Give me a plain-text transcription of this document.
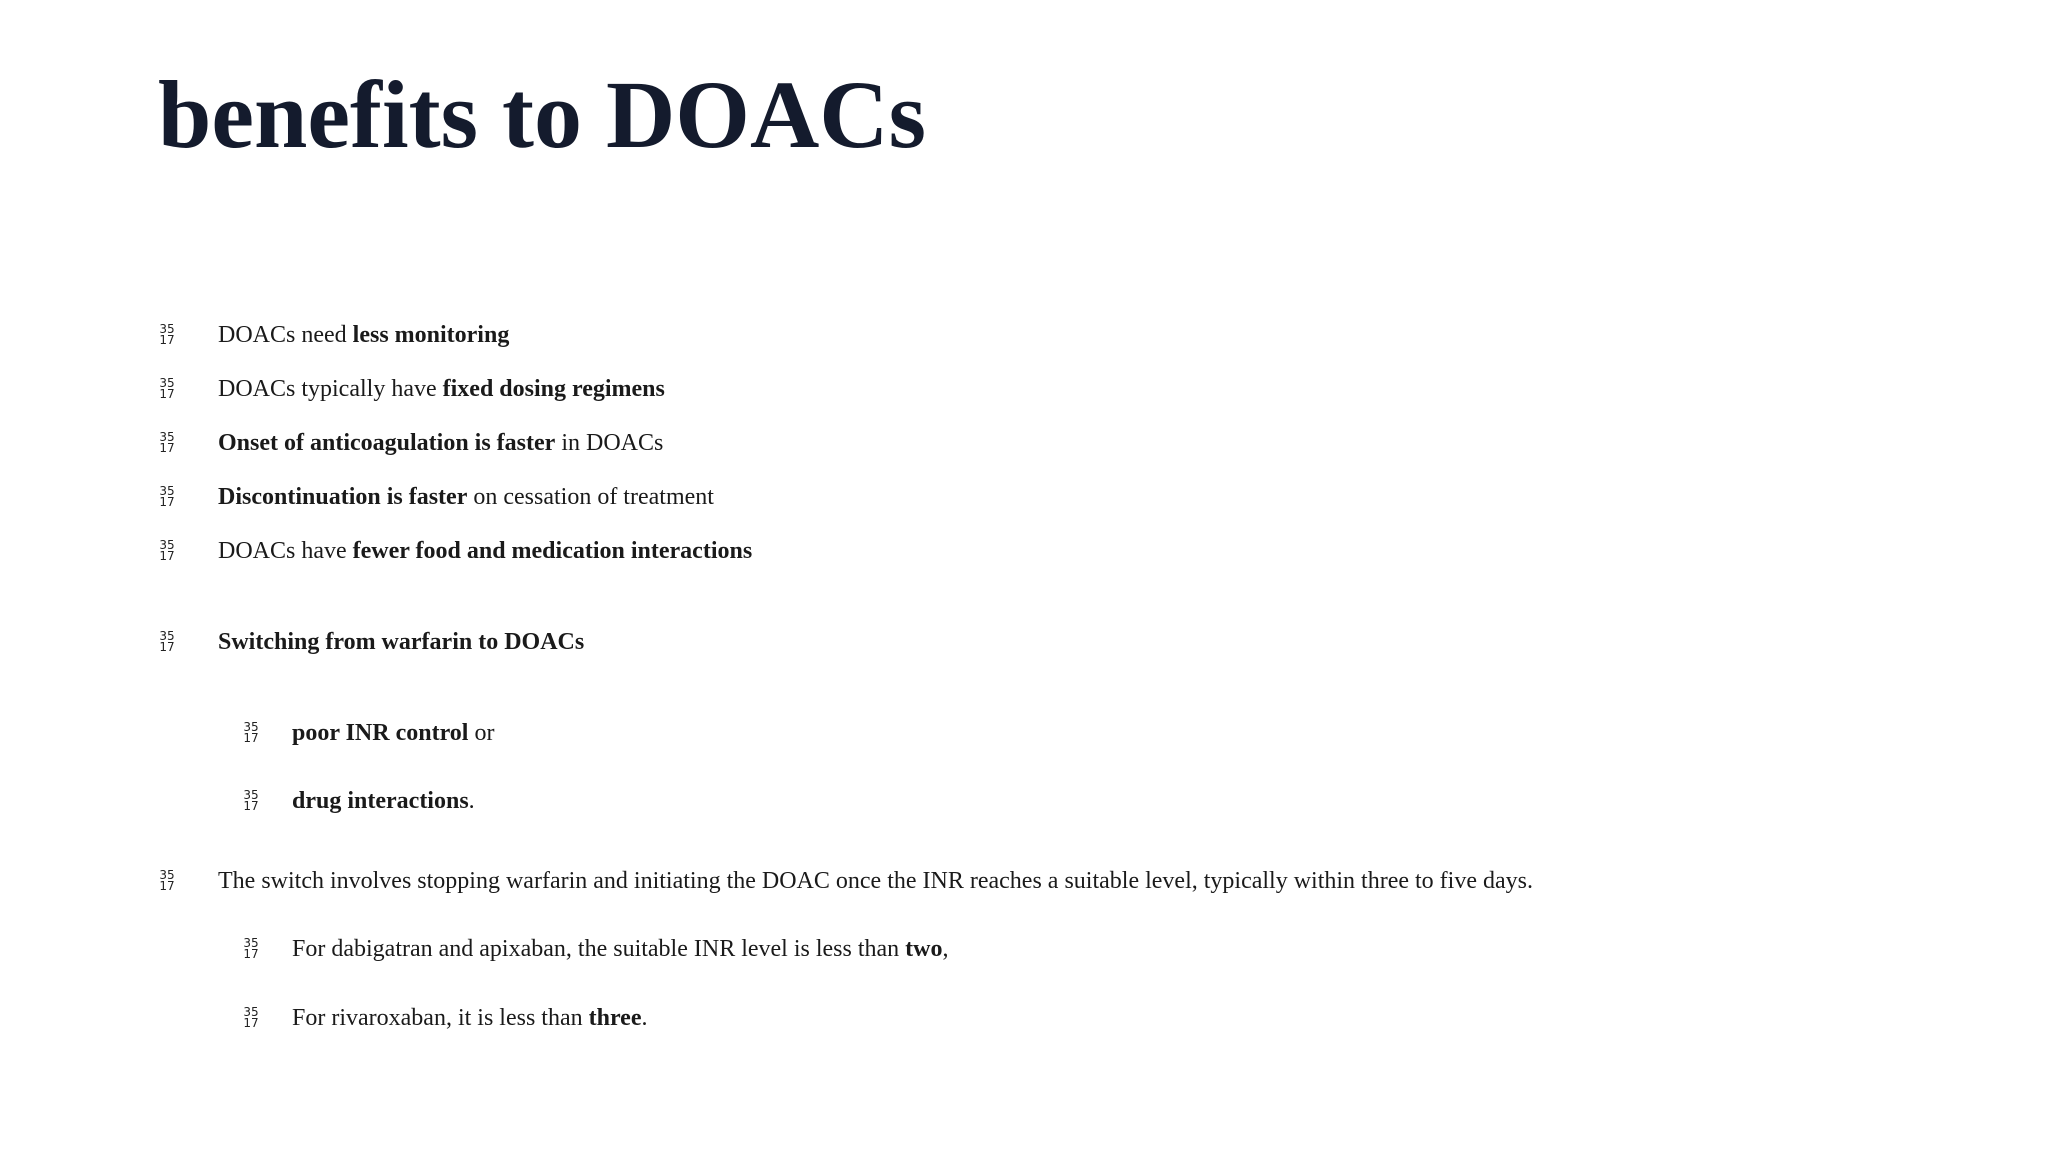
benefits to DOACs
35
17 DOACs need less monitoring
35
17 DOACs typically have fixed dosing regimens
35
17 Onset of anticoagulation is faster in DOACs
35
17 Discontinuation is faster on cessation of treatment
35
17 DOACs have fewer food and medication interactions
35
17 Switching from warfarin to DOACs
35
17 poor INR control or
35
17 drug interactions.
35
17 The switch involves stopping warfarin and initiating the DOAC once the INR reaches a suitable level, typically within three to five days.
35
17 For dabigatran and apixaban, the suitable INR level is less than two,
35
17 For rivaroxaban, it is less than three.
